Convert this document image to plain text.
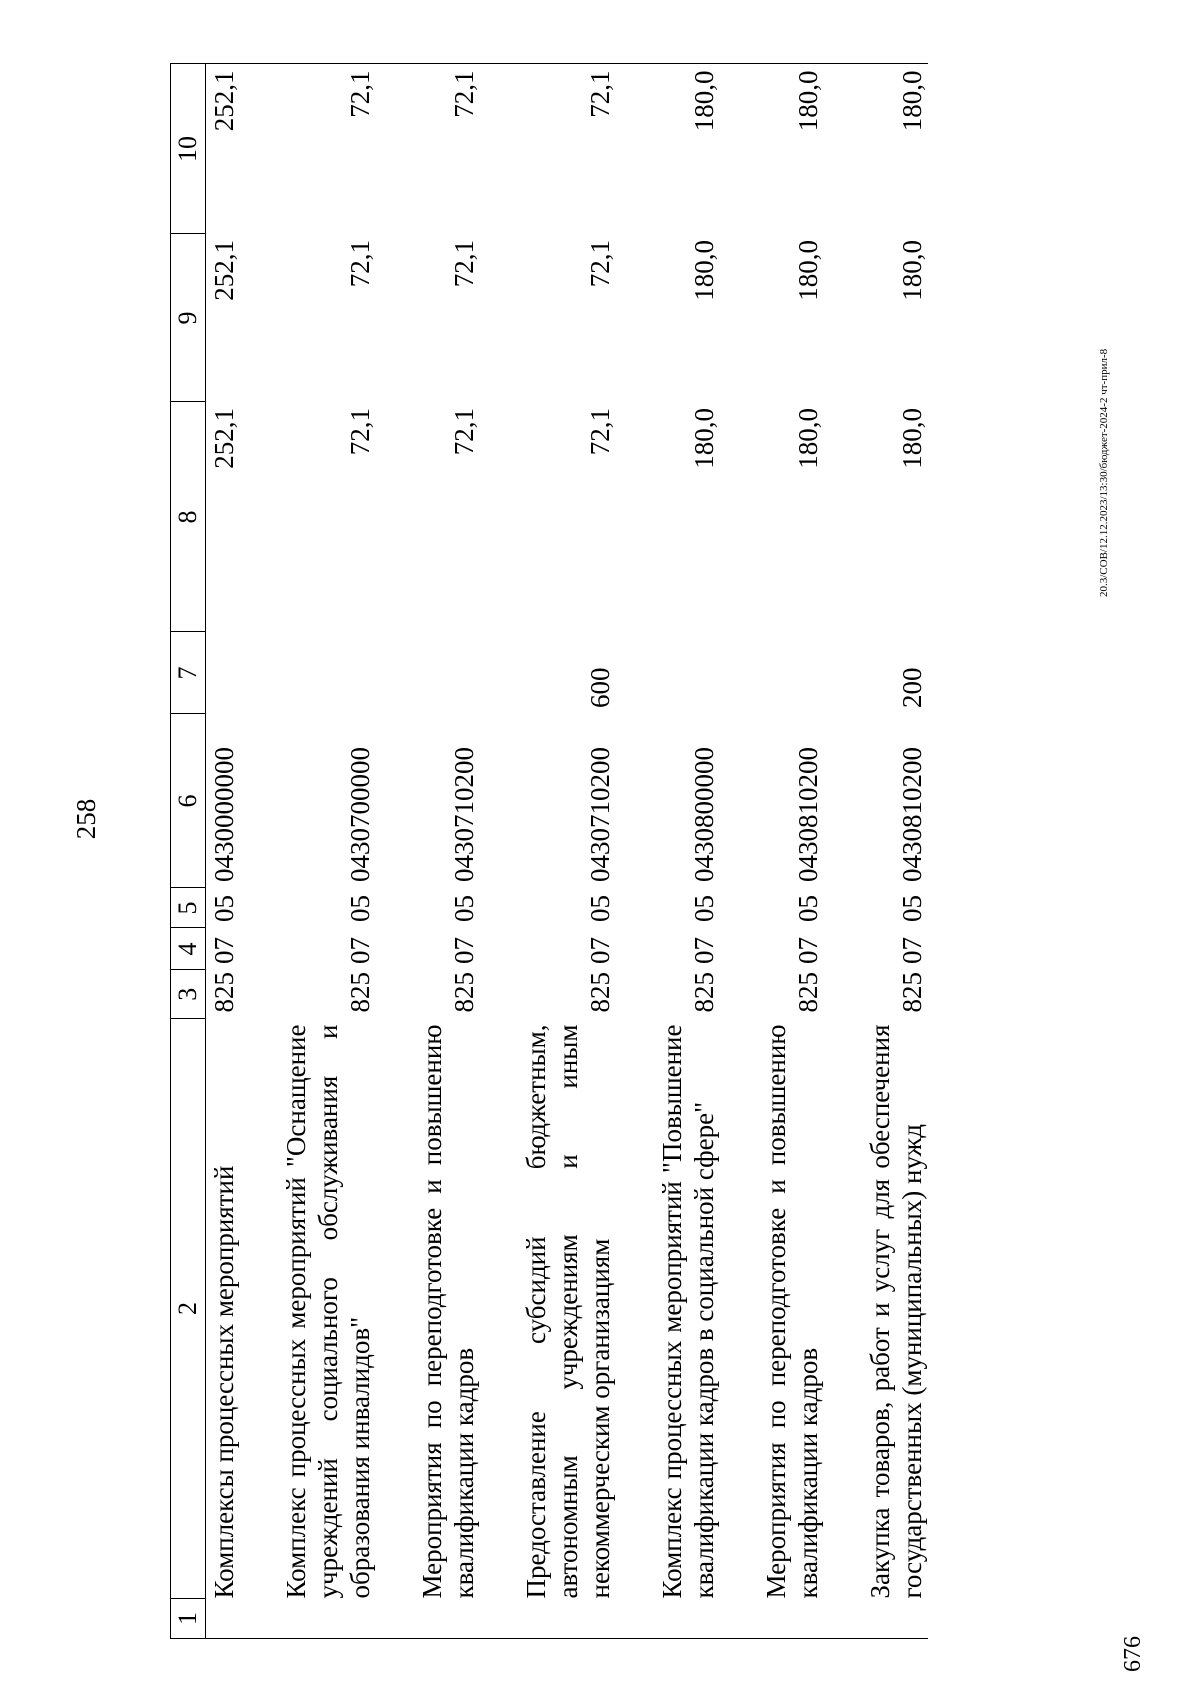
258
1	2	3	4	5	6	7	8	9	10
	Комплексы процессных мероприятий	825	07	05	0430000000		252,1	252,1	252,1

	Комплекс процессных мероприятий "Оснащение учреждений социального обслуживания и образования инвалидов"	825	07	05	0430700000		72,1	72,1	72,1

	Мероприятия по переподготовке и повышению квалификации кадров	825	07	05	0430710200		72,1	72,1	72,1

	Предоставление субсидий бюджетным, автономным учреждениям и иным некоммерческим организациям	825	07	05	0430710200	600	72,1	72,1	72,1

	Комплекс процессных мероприятий "Повышение квалификации кадров в социальной сфере"	825	07	05	0430800000		180,0	180,0	180,0

	Мероприятия по переподготовке и повышению квалификации кадров	825	07	05	0430810200		180,0	180,0	180,0

	Закупка товаров, работ и услуг для обеспечения государственных (муниципальных) нужд	825	07	05	0430810200	200	180,0	180,0	180,0
20.3/СОВ/12.12.2023/13:30/бюджет-2024-2 чт-прил-8
676
